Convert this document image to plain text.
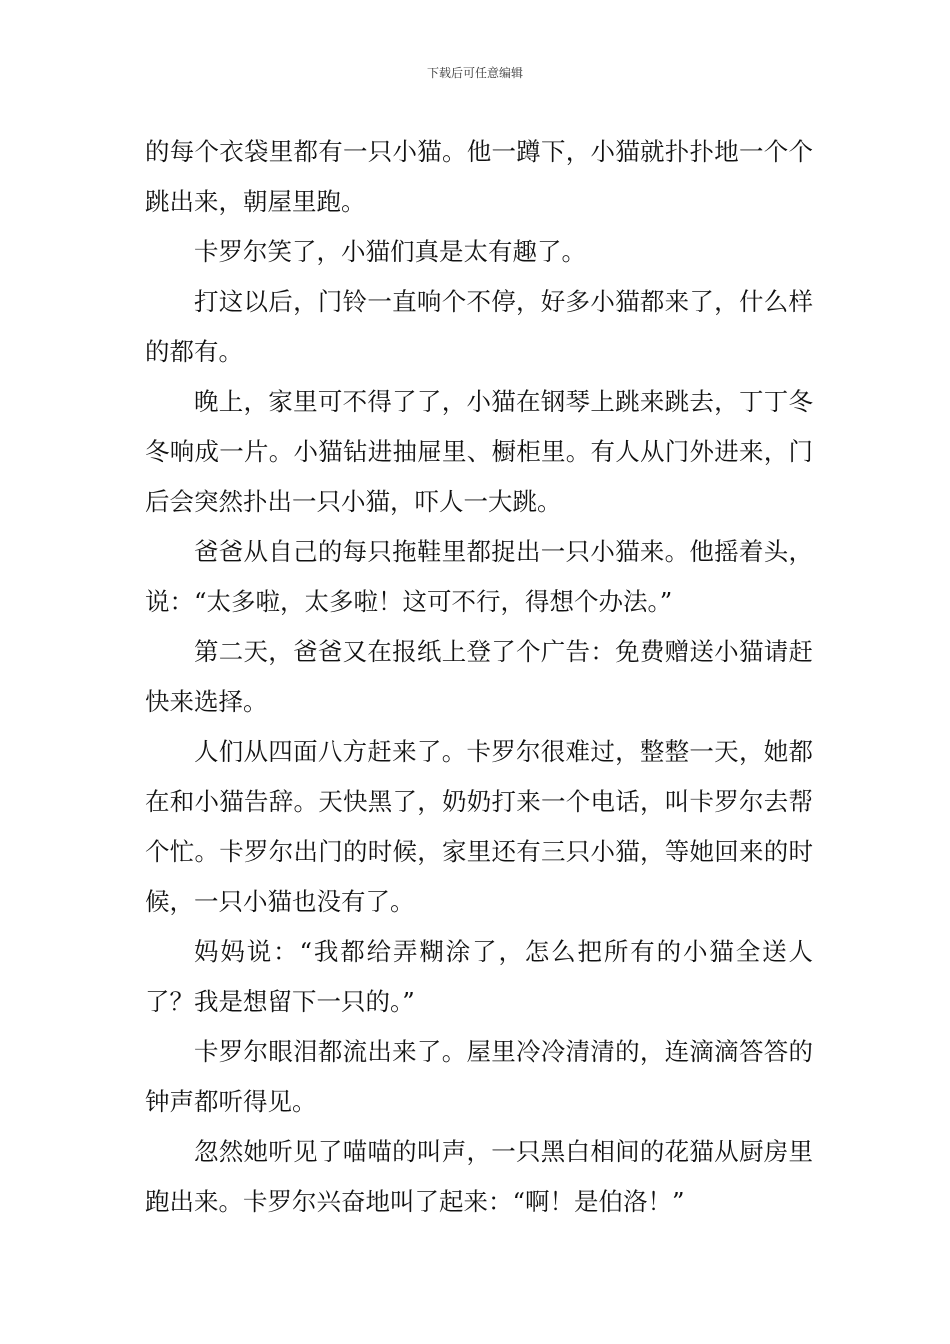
下载后可任意编辑

的每个衣袋里都有一只小猫。他一蹲下，小猫就扑扑地一个个跳出来，朝屋里跑。

卡罗尔笑了，小猫们真是太有趣了。

打这以后，门铃一直响个不停，好多小猫都来了，什么样的都有。

晚上，家里可不得了了，小猫在钢琴上跳来跳去，丁丁冬冬响成一片。小猫钻进抽屉里、橱柜里。有人从门外进来，门后会突然扑出一只小猫，吓人一大跳。

爸爸从自己的每只拖鞋里都捉出一只小猫来。他摇着头，说：“太多啦，太多啦！这可不行，得想个办法。”

第二天，爸爸又在报纸上登了个广告：免费赠送小猫请赶快来选择。

人们从四面八方赶来了。卡罗尔很难过，整整一天，她都在和小猫告辞。天快黑了，奶奶打来一个电话，叫卡罗尔去帮个忙。卡罗尔出门的时候，家里还有三只小猫，等她回来的时候，一只小猫也没有了。

妈妈说：“我都给弄糊涂了，怎么把所有的小猫全送人了？我是想留下一只的。”

卡罗尔眼泪都流出来了。屋里冷冷清清的，连滴滴答答的钟声都听得见。

忽然她听见了喵喵的叫声，一只黑白相间的花猫从厨房里跑出来。卡罗尔兴奋地叫了起来：“啊！是伯洛！”
